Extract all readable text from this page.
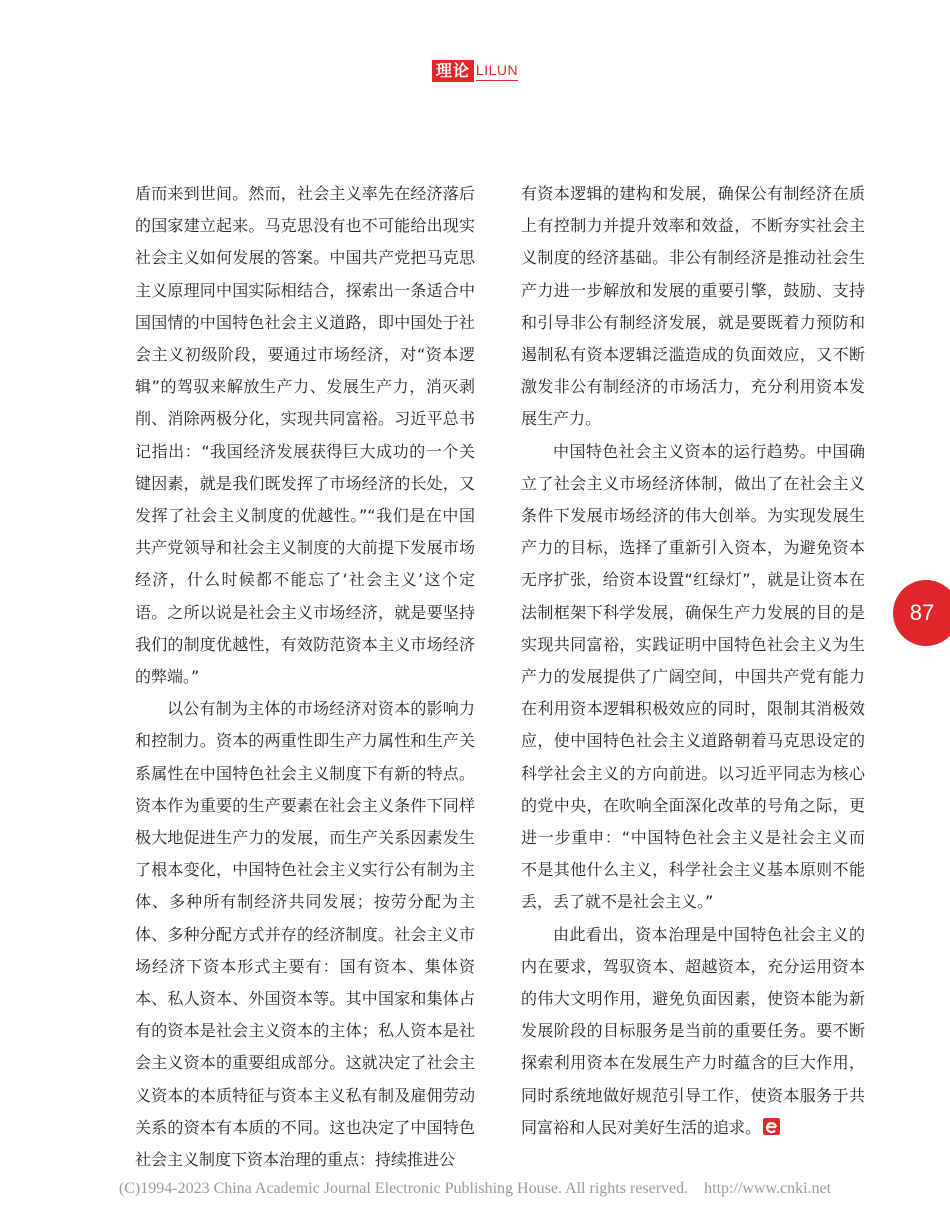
理论 LILUN

盾而来到世间。然而，社会主义率先在经济落后的国家建立起来。马克思没有也不可能给出现实社会主义如何发展的答案。中国共产党把马克思主义原理同中国实际相结合，探索出一条适合中国国情的中国特色社会主义道路，即中国处于社会主义初级阶段，要通过市场经济，对“资本逻辑”的驾驭来解放生产力、发展生产力，消灭剥削、消除两极分化，实现共同富裕。习近平总书记指出：“我国经济发展获得巨大成功的一个关键因素，就是我们既发挥了市场经济的长处，又发挥了社会主义制度的优越性。”“我们是在中国共产党领导和社会主义制度的大前提下发展市场经济，什么时候都不能忘了‘社会主义’这个定语。之所以说是社会主义市场经济，就是要坚持我们的制度优越性，有效防范资本主义市场经济的弊端。”

以公有制为主体的市场经济对资本的影响力和控制力。资本的两重性即生产力属性和生产关系属性在中国特色社会主义制度下有新的特点。资本作为重要的生产要素在社会主义条件下同样极大地促进生产力的发展，而生产关系因素发生了根本变化，中国特色社会主义实行公有制为主体、多种所有制经济共同发展；按劳分配为主体、多种分配方式并存的经济制度。社会主义市场经济下资本形式主要有：国有资本、集体资本、私人资本、外国资本等。其中国家和集体占有的资本是社会主义资本的主体；私人资本是社会主义资本的重要组成部分。这就决定了社会主义资本的本质特征与资本主义私有制及雇佣劳动关系的资本有本质的不同。这也决定了中国特色社会主义制度下资本治理的重点：持续推进公

有资本逻辑的建构和发展，确保公有制经济在质上有控制力并提升效率和效益，不断夯实社会主义制度的经济基础。非公有制经济是推动社会生产力进一步解放和发展的重要引擎，鼓励、支持和引导非公有制经济发展，就是要既着力预防和遏制私有资本逻辑泛滥造成的负面效应，又不断激发非公有制经济的市场活力，充分利用资本发展生产力。

中国特色社会主义资本的运行趋势。中国确立了社会主义市场经济体制，做出了在社会主义条件下发展市场经济的伟大创举。为实现发展生产力的目标，选择了重新引入资本，为避免资本无序扩张，给资本设置“红绿灯”，就是让资本在法制框架下科学发展，确保生产力发展的目的是实现共同富裕，实践证明中国特色社会主义为生产力的发展提供了广阔空间，中国共产党有能力在利用资本逻辑积极效应的同时，限制其消极效应，使中国特色社会主义道路朝着马克思设定的科学社会主义的方向前进。以习近平同志为核心的党中央，在吹响全面深化改革的号角之际，更进一步重申：“中国特色社会主义是社会主义而不是其他什么主义，科学社会主义基本原则不能丢，丢了就不是社会主义。”

由此看出，资本治理是中国特色社会主义的内在要求，驾驭资本、超越资本，充分运用资本的伟大文明作用，避免负面因素，使资本能为新发展阶段的目标服务是当前的重要任务。要不断探索利用资本在发展生产力时蕴含的巨大作用，同时系统地做好规范引导工作，使资本服务于共同富裕和人民对美好生活的追求。

87
(C)1994-2023 China Academic Journal Electronic Publishing House. All rights reserved.    http://www.cnki.net
